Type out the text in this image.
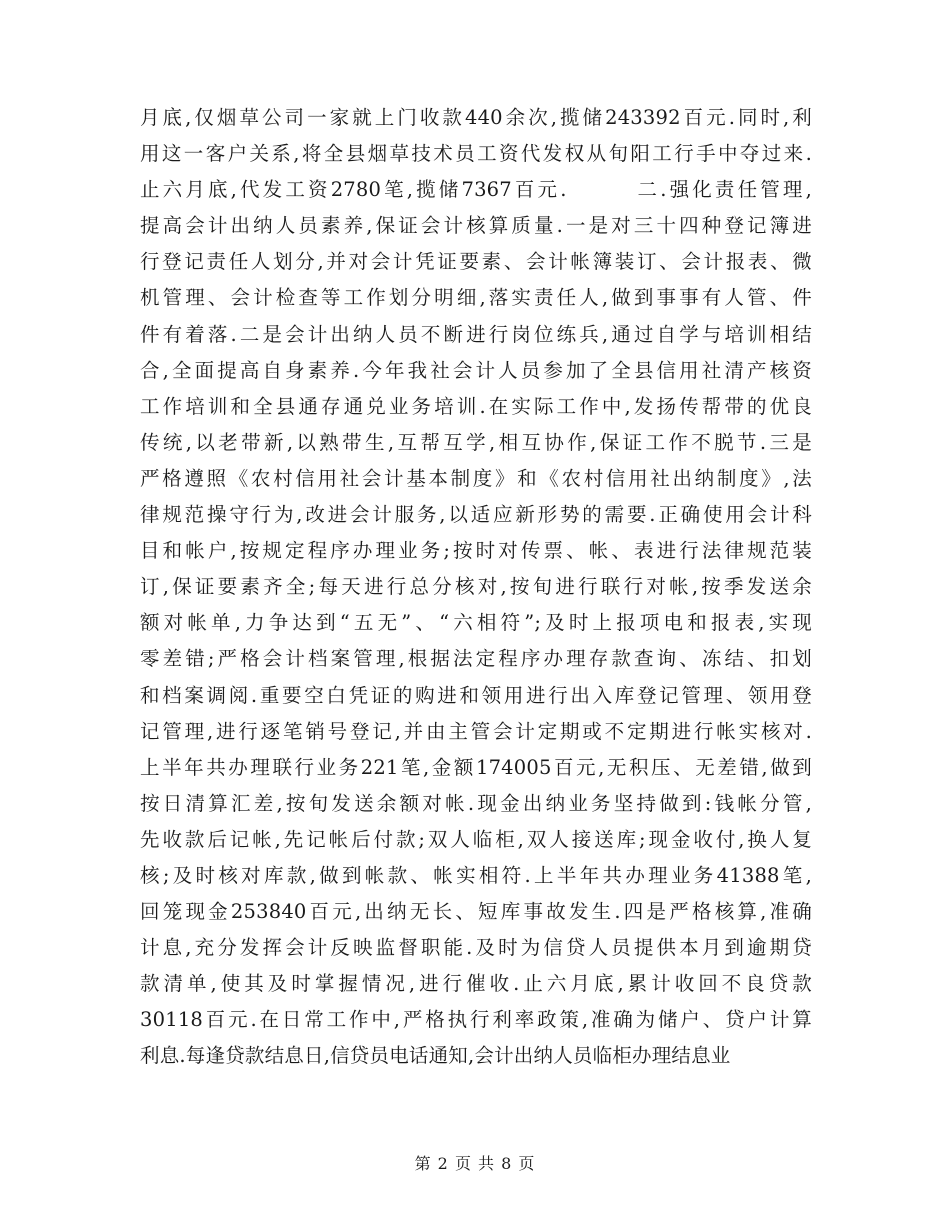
月底,仅烟草公司一家就上门收款440余次,揽储243392百元.同时,利
用这一客户关系,将全县烟草技术员工资代发权从旬阳工行手中夺过来.
止六月底,代发工资2780笔,揽储7367百元.　　　二.强化责任管理,
提高会计出纳人员素养,保证会计核算质量.一是对三十四种登记簿进
行登记责任人划分,并对会计凭证要素、会计帐簿装订、会计报表、微
机管理、会计检查等工作划分明细,落实责任人,做到事事有人管、件
件有着落.二是会计出纳人员不断进行岗位练兵,通过自学与培训相结
合,全面提高自身素养.今年我社会计人员参加了全县信用社清产核资
工作培训和全县通存通兑业务培训.在实际工作中,发扬传帮带的优良
传统,以老带新,以熟带生,互帮互学,相互协作,保证工作不脱节.三是
严格遵照《农村信用社会计基本制度》和《农村信用社出纳制度》,法
律规范操守行为,改进会计服务,以适应新形势的需要.正确使用会计科
目和帐户,按规定程序办理业务;按时对传票、帐、表进行法律规范装
订,保证要素齐全;每天进行总分核对,按旬进行联行对帐,按季发送余
额对帐单,力争达到“五无”、“六相符”;及时上报项电和报表,实现
零差错;严格会计档案管理,根据法定程序办理存款查询、冻结、扣划
和档案调阅.重要空白凭证的购进和领用进行出入库登记管理、领用登
记管理,进行逐笔销号登记,并由主管会计定期或不定期进行帐实核对.
上半年共办理联行业务221笔,金额174005百元,无积压、无差错,做到
按日清算汇差,按旬发送余额对帐.现金出纳业务坚持做到:钱帐分管,
先收款后记帐,先记帐后付款;双人临柜,双人接送库;现金收付,换人复
核;及时核对库款,做到帐款、帐实相符.上半年共办理业务41388笔,
回笼现金253840百元,出纳无长、短库事故发生.四是严格核算,准确
计息,充分发挥会计反映监督职能.及时为信贷人员提供本月到逾期贷
款清单,使其及时掌握情况,进行催收.止六月底,累计收回不良贷款
30118百元.在日常工作中,严格执行利率政策,准确为储户、贷户计算
利息.每逢贷款结息日,信贷员电话通知,会计出纳人员临柜办理结息业
第 2 页 共 8 页
